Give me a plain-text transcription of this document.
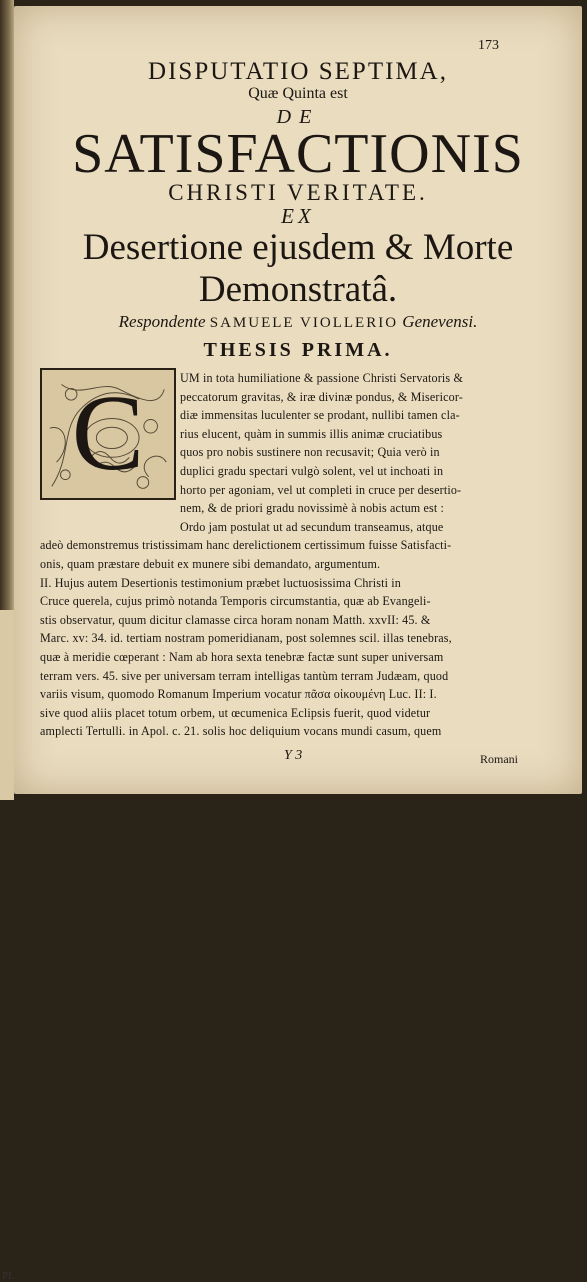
PI.
173
DISPUTATIO SEPTIMA,
Quæ Quinta est
DE
SATISFACTIONIS
CHRISTI VERITATE.
EX
Desertione ejusdem & Morte
Demonstratâ.
Respondente SAMUELE VIOLLERIO Genevensi.
THESIS PRIMA.
C	UM in tota humiliatione & passione Christi Servatoris &
peccatorum gravitas, & iræ divinæ pondus, & Misericor-
diæ immensitas luculenter se prodant, nullibi tamen cla-
rius elucent, quàm in summis illis animæ cruciatibus
quos pro nobis sustinere non recusavit; Quia verò in
duplici gradu spectari vulgò solent, vel ut inchoati in
horto per agoniam, vel ut completi in cruce per desertio-
nem, & de priori gradu novissimè à nobis actum est :
Ordo jam postulat ut ad secundum transeamus, atque
adeò demonstremus tristissimam hanc derelictionem certissimum fuisse Satisfacti-
onis, quam præstare debuit ex munere sibi demandato, argumentum.
II. Hujus autem Desertionis testimonium præbet luctuosissima Christi in
Cruce querela, cujus primò notanda Temporis circumstantia, quæ ab Evangeli-
stis observatur, quum dicitur clamasse circa horam nonam Matth. xxvII: 45. &
Marc. xv: 34. id. tertiam nostram pomeridianam, post solemnes scil. illas tenebras,
quæ à meridie cœperant : Nam ab hora sexta tenebræ factæ sunt super universam
terram vers. 45. sive per universam terram intelligas tantùm terram Judæam, quod
variis visum, quomodo Romanum Imperium vocatur πᾶσα οἰκουμένη Luc. II: I.
sive quod aliis placet totum orbem, ut œcumenica Eclipsis fuerit, quod videtur
amplecti Tertulli. in Apol. c. 21. solis hoc deliquium vocans mundi casum, quem
Y 3	Romani
